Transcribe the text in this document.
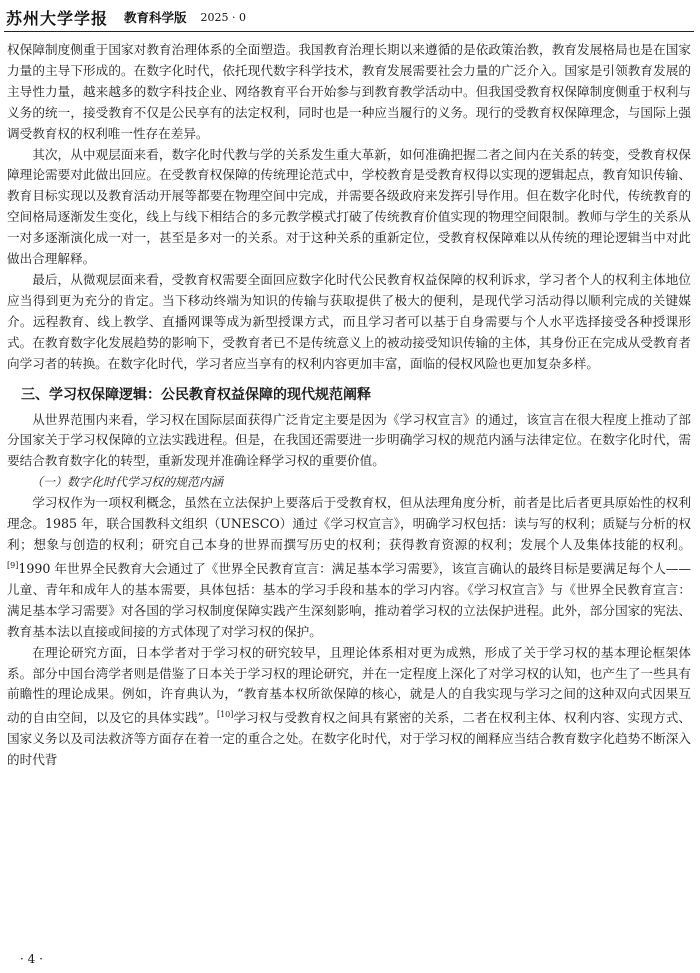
苏州大学学报 教育科学版 2025 · 0

权保障制度侧重于国家对教育治理体系的全面塑造。我国教育治理长期以来遵循的是依政策治教，教育发展格局也是在国家力量的主导下形成的。在数字化时代，依托现代数字科学技术，教育发展需要社会力量的广泛介入。国家是引领教育发展的主导性力量，越来越多的数字科技企业、网络教育平台开始参与到教育教学活动中。但我国受教育权保障制度侧重于权利与义务的统一，接受教育不仅是公民享有的法定权利，同时也是一种应当履行的义务。现行的受教育权保障理念，与国际上强调受教育权的权利唯一性存在差异。

其次，从中观层面来看，数字化时代教与学的关系发生重大革新，如何准确把握二者之间内在关系的转变，受教育权保障理论需要对此做出回应。在受教育权保障的传统理论范式中，学校教育是受教育权得以实现的逻辑起点，教育知识传输、教育目标实现以及教育活动开展等都要在物理空间中完成，并需要各级政府来发挥引导作用。但在数字化时代，传统教育的空间格局逐渐发生变化，线上与线下相结合的多元教学模式打破了传统教育价值实现的物理空间限制。教师与学生的关系从一对多逐渐演化成一对一，甚至是多对一的关系。对于这种关系的重新定位，受教育权保障难以从传统的理论逻辑当中对此做出合理解释。

最后，从微观层面来看，受教育权需要全面回应数字化时代公民教育权益保障的权利诉求，学习者个人的权利主体地位应当得到更为充分的肯定。当下移动终端为知识的传输与获取提供了极大的便利，是现代学习活动得以顺利完成的关键媒介。远程教育、线上教学、直播网课等成为新型授课方式，而且学习者可以基于自身需要与个人水平选择接受各种授课形式。在教育数字化发展趋势的影响下，受教育者已不是传统意义上的被动接受知识传输的主体，其身份正在完成从受教育者向学习者的转换。在数字化时代，学习者应当享有的权利内容更加丰富，面临的侵权风险也更加复杂多样。

三、学习权保障逻辑：公民教育权益保障的现代规范阐释

从世界范围内来看，学习权在国际层面获得广泛肯定主要是因为《学习权宣言》的通过，该宣言在很大程度上推动了部分国家关于学习权保障的立法实践进程。但是，在我国还需要进一步明确学习权的规范内涵与法律定位。在数字化时代，需要结合教育数字化的转型，重新发现并准确诠释学习权的重要价值。

（一）数字化时代学习权的规范内涵

学习权作为一项权利概念，虽然在立法保护上要落后于受教育权，但从法理角度分析，前者是比后者更具原始性的权利理念。1985 年，联合国教科文组织（UNESCO）通过《学习权宣言》，明确学习权包括：读与写的权利；质疑与分析的权利；想象与创造的权利；研究自己本身的世界而撰写历史的权利；获得教育资源的权利；发展个人及集体技能的权利。[9]1990 年世界全民教育大会通过了《世界全民教育宣言：满足基本学习需要》，该宣言确认的最终目标是要满足每个人——儿童、青年和成年人的基本需要，具体包括：基本的学习手段和基本的学习内容。《学习权宣言》与《世界全民教育宣言：满足基本学习需要》对各国的学习权制度保障实践产生深刻影响，推动着学习权的立法保护进程。此外，部分国家的宪法、教育基本法以直接或间接的方式体现了对学习权的保护。

在理论研究方面，日本学者对于学习权的研究较早，且理论体系相对更为成熟，形成了关于学习权的基本理论框架体系。部分中国台湾学者则是借鉴了日本关于学习权的理论研究，并在一定程度上深化了对学习权的认知，也产生了一些具有前瞻性的理论成果。例如，许育典认为，“教育基本权所欲保障的核心，就是人的自我实现与学习之间的这种双向式因果互动的自由空间，以及它的具体实践”。[10]学习权与受教育权之间具有紧密的关系，二者在权利主体、权利内容、实现方式、国家义务以及司法救济等方面存在着一定的重合之处。在数字化时代，对于学习权的阐释应当结合教育数字化趋势不断深入的时代背

· 4 ·
